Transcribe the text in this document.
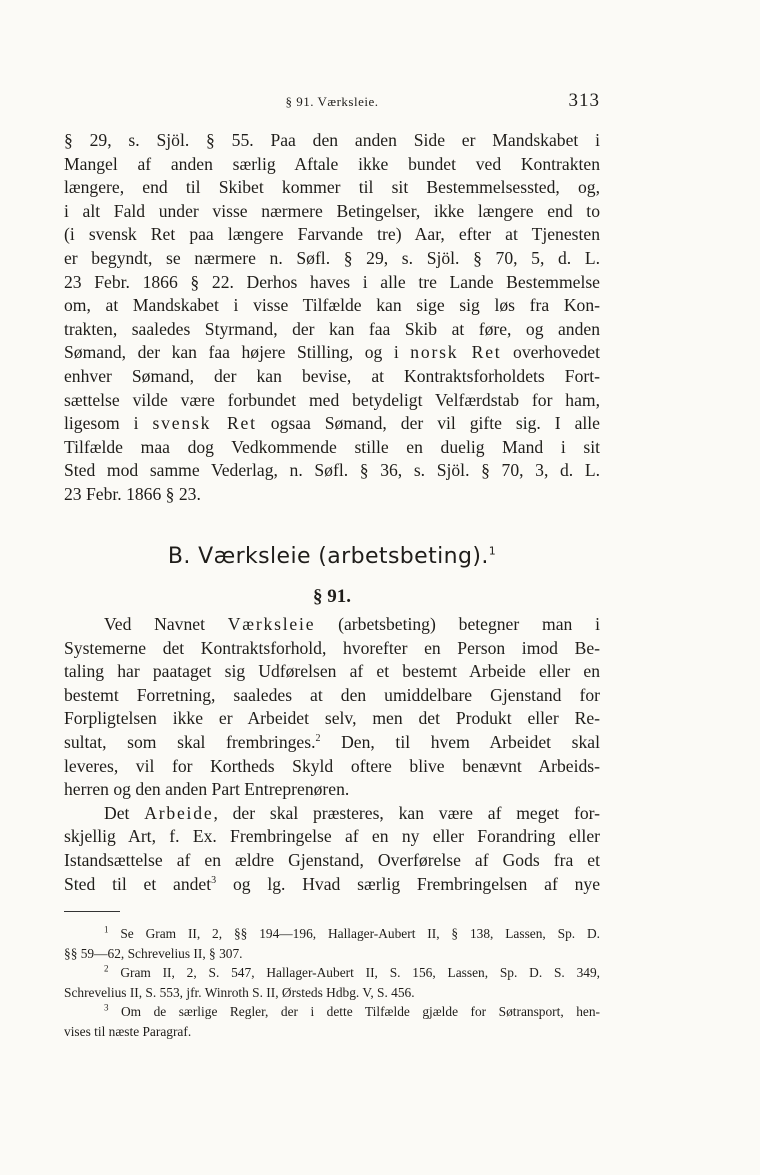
§ 91. Værksleie.	313
§ 29, s. Sjöl. § 55. Paa den anden Side er Mandskabet i
Mangel af anden særlig Aftale ikke bundet ved Kontrakten
længere, end til Skibet kommer til sit Bestemmelsessted, og,
i alt Fald under visse nærmere Betingelser, ikke længere end to
(i svensk Ret paa længere Farvande tre) Aar, efter at Tjenesten
er begyndt, se nærmere n. Søfl. § 29, s. Sjöl. § 70, 5, d. L.
23 Febr. 1866 § 22. Derhos haves i alle tre Lande Bestemmelse
om, at Mandskabet i visse Tilfælde kan sige sig løs fra Kon-
trakten, saaledes Styrmand, der kan faa Skib at føre, og anden
Sømand, der kan faa højere Stilling, og i norsk Ret overhovedet
enhver Sømand, der kan bevise, at Kontraktsforholdets Fort-
sættelse vilde være forbundet med betydeligt Velfærdstab for ham,
ligesom i svensk Ret ogsaa Sømand, der vil gifte sig. I alle
Tilfælde maa dog Vedkommende stille en duelig Mand i sit
Sted mod samme Vederlag, n. Søfl. § 36, s. Sjöl. § 70, 3, d. L.
23 Febr. 1866 § 23.
B. Værksleie (arbetsbeting).$^1$
§ 91.
Ved Navnet Værksleie (arbetsbeting) betegner man i
Systemerne det Kontraktsforhold, hvorefter en Person imod Be-
taling har paataget sig Udførelsen af et bestemt Arbeide eller en
bestemt Forretning, saaledes at den umiddelbare Gjenstand for
Forpligtelsen ikke er Arbeidet selv, men det Produkt eller Re-
sultat, som skal frembringes.$^2$ Den, til hvem Arbeidet skal
leveres, vil for Kortheds Skyld oftere blive benævnt Arbeids-
herren og den anden Part Entreprenøren.
Det Arbeide, der skal præsteres, kan være af meget for-
skjellig Art, f. Ex. Frembringelse af en ny eller Forandring eller
Istandsættelse af en ældre Gjenstand, Overførelse af Gods fra et
Sted til et andet$^3$ og lg. Hvad særlig Frembringelsen af nye
$^1$ Se Gram II, 2, §§ 194—196, Hallager-Aubert II, § 138, Lassen, Sp. D.
§§ 59—62, Schrevelius II, § 307.
$^2$ Gram II, 2, S. 547, Hallager-Aubert II, S. 156, Lassen, Sp. D. S. 349,
Schrevelius II, S. 553, jfr. Winroth S. II, Ørsteds Hdbg. V, S. 456.
$^3$ Om de særlige Regler, der i dette Tilfælde gjælde for Søtransport, hen-
vises til næste Paragraf.
